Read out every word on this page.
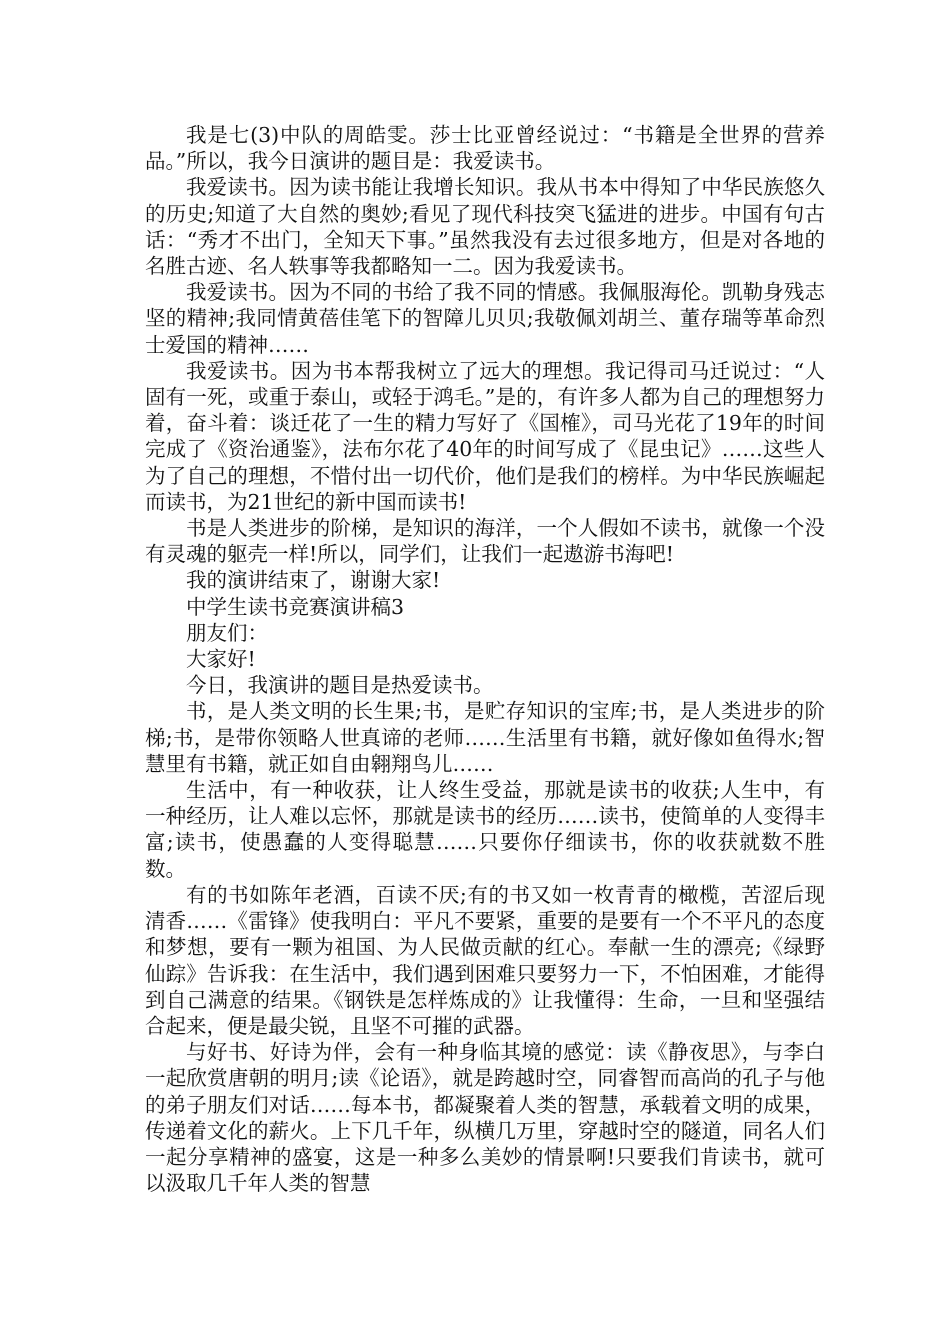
我是七(3)中队的周皓雯。莎士比亚曾经说过：“书籍是全世界的营养品。”所以，我今日演讲的题目是：我爱读书。

我爱读书。因为读书能让我增长知识。我从书本中得知了中华民族悠久的历史;知道了大自然的奥妙;看见了现代科技突飞猛进的进步。中国有句古话：“秀才不出门，全知天下事。”虽然我没有去过很多地方，但是对各地的名胜古迹、名人轶事等我都略知一二。因为我爱读书。

我爱读书。因为不同的书给了我不同的情感。我佩服海伦。凯勒身残志坚的精神;我同情黄蓓佳笔下的智障儿贝贝;我敬佩刘胡兰、董存瑞等革命烈士爱国的精神……

我爱读书。因为书本帮我树立了远大的理想。我记得司马迁说过：“人固有一死，或重于泰山，或轻于鸿毛。”是的，有许多人都为自己的理想努力着，奋斗着：谈迁花了一生的精力写好了《国榷》，司马光花了19年的时间完成了《资治通鉴》，法布尔花了40年的时间写成了《昆虫记》……这些人为了自己的理想，不惜付出一切代价，他们是我们的榜样。为中华民族崛起而读书，为21世纪的新中国而读书!

书是人类进步的阶梯，是知识的海洋，一个人假如不读书，就像一个没有灵魂的躯壳一样!所以，同学们，让我们一起遨游书海吧!

我的演讲结束了，谢谢大家!

中学生读书竞赛演讲稿3

朋友们：

大家好!

今日，我演讲的题目是热爱读书。

书，是人类文明的长生果;书，是贮存知识的宝库;书，是人类进步的阶梯;书，是带你领略人世真谛的老师……生活里有书籍，就好像如鱼得水;智慧里有书籍，就正如自由翱翔鸟儿……

生活中，有一种收获，让人终生受益，那就是读书的收获;人生中，有一种经历，让人难以忘怀，那就是读书的经历……读书，使简单的人变得丰富;读书，使愚蠢的人变得聪慧……只要你仔细读书，你的收获就数不胜数。

有的书如陈年老酒，百读不厌;有的书又如一枚青青的橄榄，苦涩后现清香……《雷锋》使我明白：平凡不要紧，重要的是要有一个不平凡的态度和梦想，要有一颗为祖国、为人民做贡献的红心。奉献一生的漂亮;《绿野仙踪》告诉我：在生活中，我们遇到困难只要努力一下，不怕困难，才能得到自己满意的结果。《钢铁是怎样炼成的》让我懂得：生命，一旦和坚强结合起来，便是最尖锐，且坚不可摧的武器。

与好书、好诗为伴，会有一种身临其境的感觉：读《静夜思》，与李白一起欣赏唐朝的明月;读《论语》，就是跨越时空，同睿智而高尚的孔子与他的弟子朋友们对话……每本书，都凝聚着人类的智慧，承载着文明的成果，传递着文化的薪火。上下几千年，纵横几万里，穿越时空的隧道，同名人们一起分享精神的盛宴，这是一种多么美妙的情景啊!只要我们肯读书，就可以汲取几千年人类的智慧
